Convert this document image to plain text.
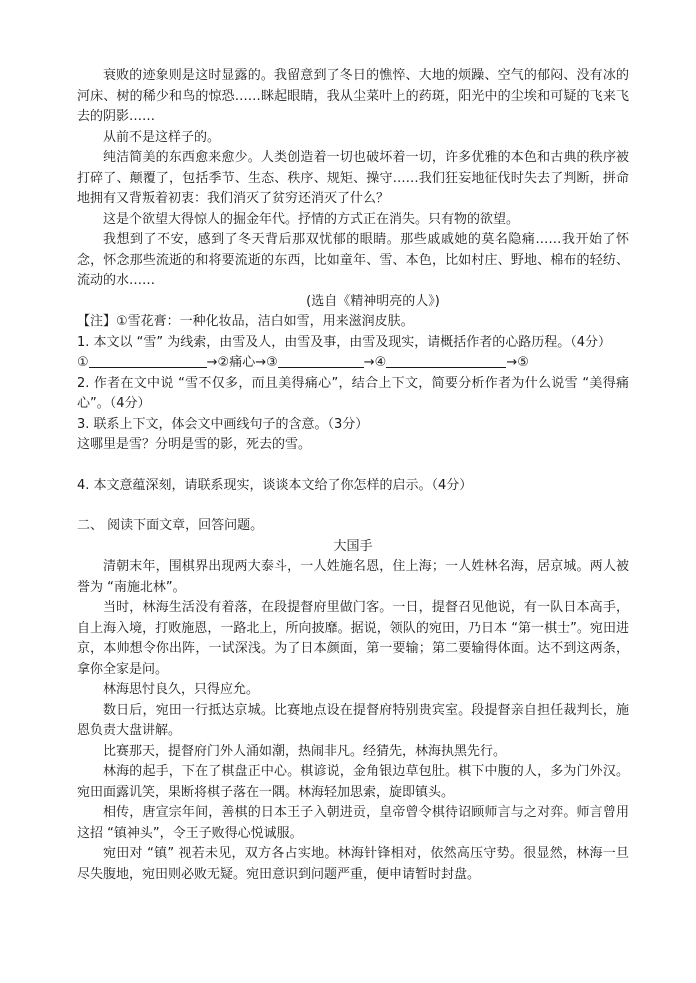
衰败的迹象则是这时显露的。我留意到了冬日的憔悴、大地的烦躁、空气的郁闷、没有冰的河床、树的稀少和鸟的惊恐……眯起眼睛，我从尘菜叶上的药斑，阳光中的尘埃和可疑的飞来飞去的阴影……

从前不是这样子的。

纯洁简美的东西愈来愈少。人类创造着一切也破坏着一切，许多优雅的本色和古典的秩序被打碎了、颠覆了，包括季节、生态、秩序、规矩、操守……我们狂妄地征伐时失去了判断，拼命地拥有又背叛着初衷：我们消灭了贫穷还消灭了什么？

这是个欲望大得惊人的掘金年代。抒情的方式正在消失。只有物的欲望。

我想到了不安，感到了冬天背后那双忧郁的眼睛。那些戚戚她的莫名隐痛……我开始了怀念，怀念那些流逝的和将要流逝的东西，比如童年、雪、本色，比如村庄、野地、棉布的轻纺、流动的水……

(选自《精神明亮的人》)

【注】①雪花膏：一种化妆品，洁白如雪，用来滋润皮肤。

1. 本文以 “雪” 为线索，由雪及人，由雪及事，由雪及现实，请概括作者的心路历程。（4分）

①	→②痛心→③	→④	→⑤

2. 作者在文中说 “雪不仅多，而且美得痛心”，结合上下文，简要分析作者为什么说雪 “美得痛心”。（4分）

3. 联系上下文，体会文中画线句子的含意。（3分）

这哪里是雪？分明是雪的影，死去的雪。

4. 本文意蕴深刻，请联系现实，谈谈本文给了你怎样的启示。（4分）

二、 阅读下面文章，回答问题。

大国手

清朝末年，围棋界出现两大泰斗，一人姓施名恩，住上海；一人姓林名海，居京城。两人被誉为 “南施北林”。

当时，林海生活没有着落，在段提督府里做门客。一日，提督召见他说，有一队日本高手，自上海入境，打败施恩，一路北上，所向披靡。据说，领队的宛田，乃日本 “第一棋士”。宛田进京，本帅想令你出阵，一试深浅。为了日本颜面，第一要输；第二要输得体面。达不到这两条，拿你全家是问。

林海思忖良久，只得应允。

数日后，宛田一行抵达京城。比赛地点设在提督府特别贵宾室。段提督亲自担任裁判长，施恩负责大盘讲解。

比赛那天，提督府门外人涌如潮，热闹非凡。经猜先，林海执黑先行。

林海的起手，下在了棋盘正中心。棋谚说，金角银边草包肚。棋下中腹的人，多为门外汉。宛田面露讥笑，果断将棋子落在一隅。林海轻加思索，旋即镇头。

相传，唐宣宗年间，善棋的日本王子入朝进贡，皇帝曾令棋待诏顾师言与之对弈。师言曾用这招 “镇神头”，令王子败得心悦诚服。

宛田对 “镇” 视若未见，双方各占实地。林海针锋相对，依然高压守势。很显然，林海一旦尽失腹地，宛田则必败无疑。宛田意识到问题严重，便申请暂时封盘。
